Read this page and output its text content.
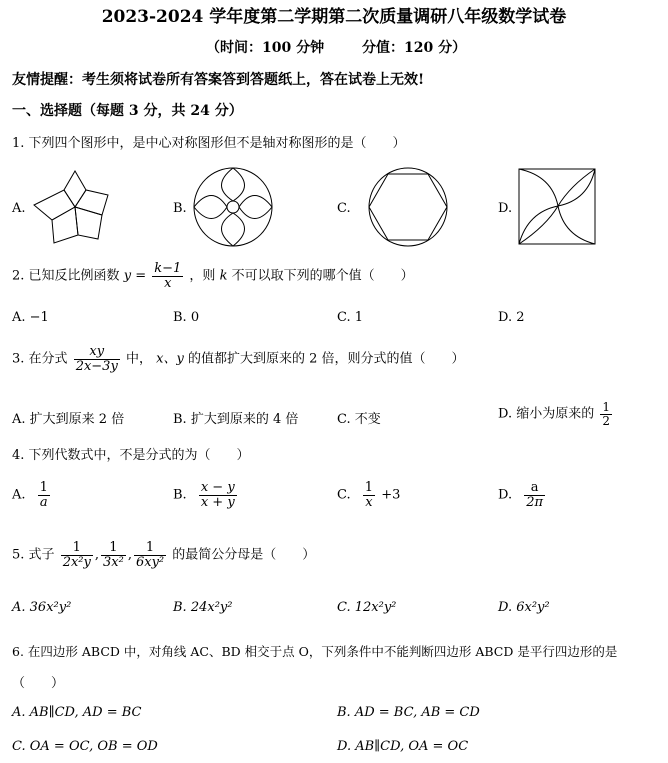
2023-2024 学年度第二学期第二次质量调研八年级数学试卷
（时间：100 分钟	分值：120 分）
友情提醒：考生须将试卷所有答案答到答题纸上，答在试卷上无效!
一、选择题（每题 3 分，共 24 分）
1. 下列四个图形中，是中心对称图形但不是轴对称图形的是（　　）
A.	B.	C.	D.
2. 已知反比例函数 $y = \frac{k-1}{x}$ ，则 k 不可以取下列的哪个值（　　）
A. −1	B. 0	C. 1	D. 2
3. 在分式 $\frac{xy}{2x-3y}$ 中， x、y 的值都扩大到原来的 2 倍，则分式的值（　　）
A. 扩大到原来 2 倍	B. 扩大到原来的 4 倍	C. 不变	D. 缩小为原来的 $\frac{1}{2}$
4. 下列代数式中，不是分式的为（　　）
A. $\frac{1}{a}$	B. $\frac{x - y}{x + y}$	C. $\frac{1}{x} +3$	D. $\frac{a}{2\pi}$
5. 式子 $\frac{1}{\text{2x²y}}$ , $\frac{1}{\text{3x²}}$ , $\frac{1}{\text{6xy²}}$ 的最简公分母是（　　）
A. 36x²y²	B. 24x²y²	C. 12x²y²	D. 6x²y²
6. 在四边形 ABCD 中，对角线 AC、BD 相交于点 O，下列条件中不能判断四边形 ABCD 是平行四边形的是
（　　）
A. AB∥CD, AD = BC	B. AD = BC, AB = CD
C. OA = OC, OB = OD	D. AB∥CD, OA = OC
